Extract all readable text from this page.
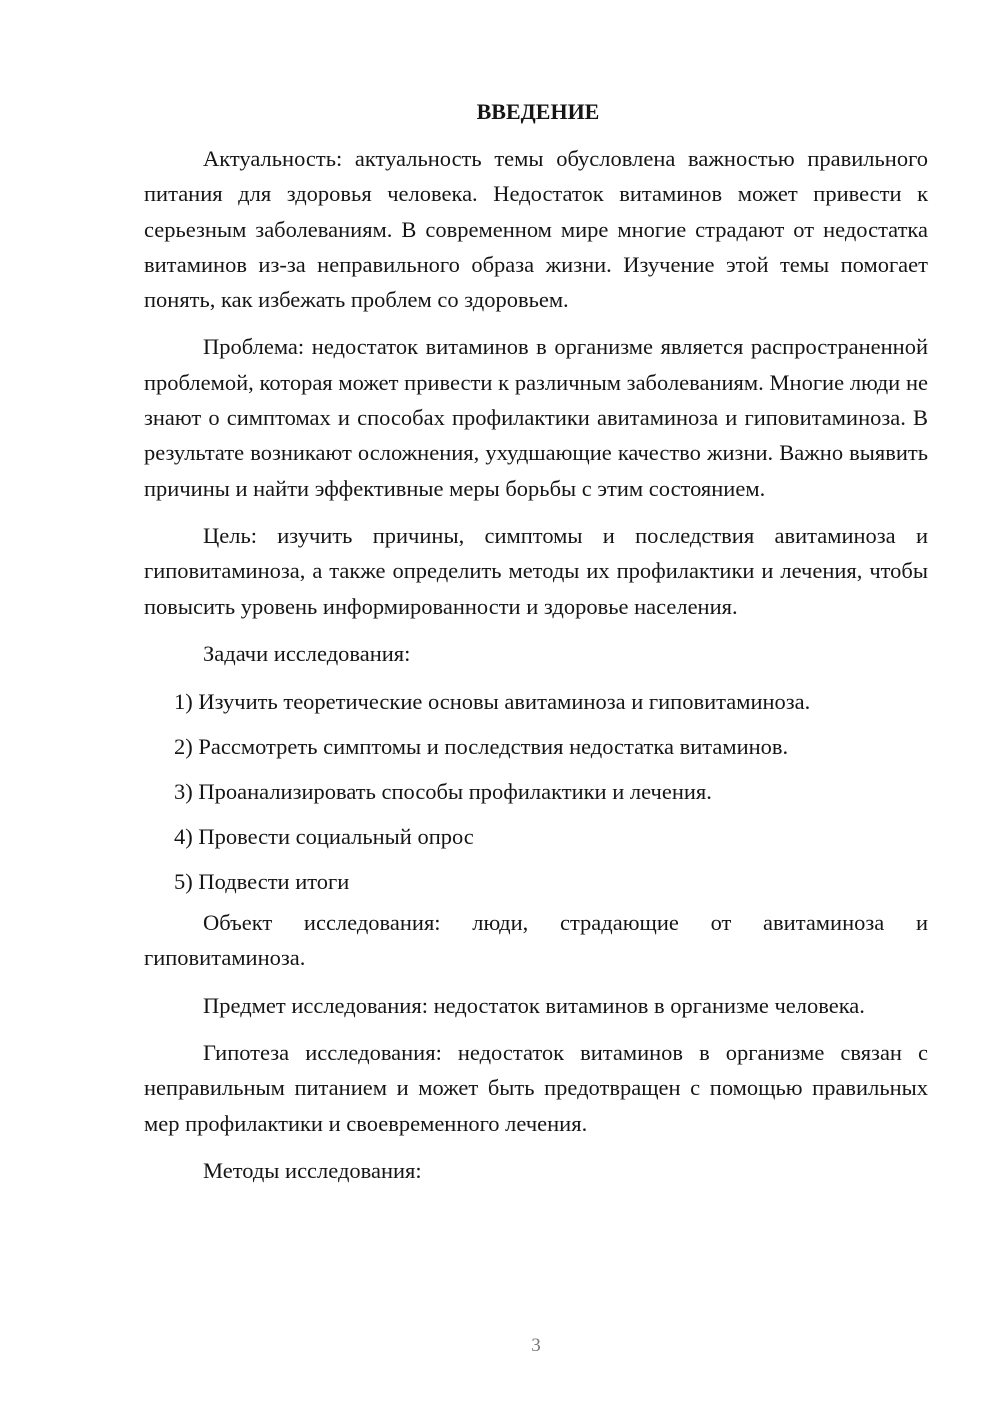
ВВЕДЕНИЕ

Актуальность: актуальность темы обусловлена важностью правильного питания для здоровья человека. Недостаток витаминов может привести к серьезным заболеваниям. В современном мире многие страдают от недостатка витаминов из-за неправильного образа жизни. Изучение этой темы помогает понять, как избежать проблем со здоровьем.

Проблема: недостаток витаминов в организме является распространенной проблемой, которая может привести к различным заболеваниям. Многие люди не знают о симптомах и способах профилактики авитаминоза и гиповитаминоза. В результате возникают осложнения, ухудшающие качество жизни. Важно выявить причины и найти эффективные меры борьбы с этим состоянием.

Цель: изучить причины, симптомы и последствия авитаминоза и гиповитаминоза, а также определить методы их профилактики и лечения, чтобы повысить уровень информированности и здоровье населения.

Задачи исследования:

1) Изучить теоретические основы авитаминоза и гиповитаминоза.
2) Рассмотреть симптомы и последствия недостатка витаминов.
3) Проанализировать способы профилактики и лечения.
4) Провести социальный опрос
5) Подвести итоги

Объект исследования: люди, страдающие от авитаминоза и гиповитаминоза.

Предмет исследования: недостаток витаминов в организме человека.

Гипотеза исследования: недостаток витаминов в организме связан с неправильным питанием и может быть предотвращен с помощью правильных мер профилактики и своевременного лечения.

Методы исследования:

3
